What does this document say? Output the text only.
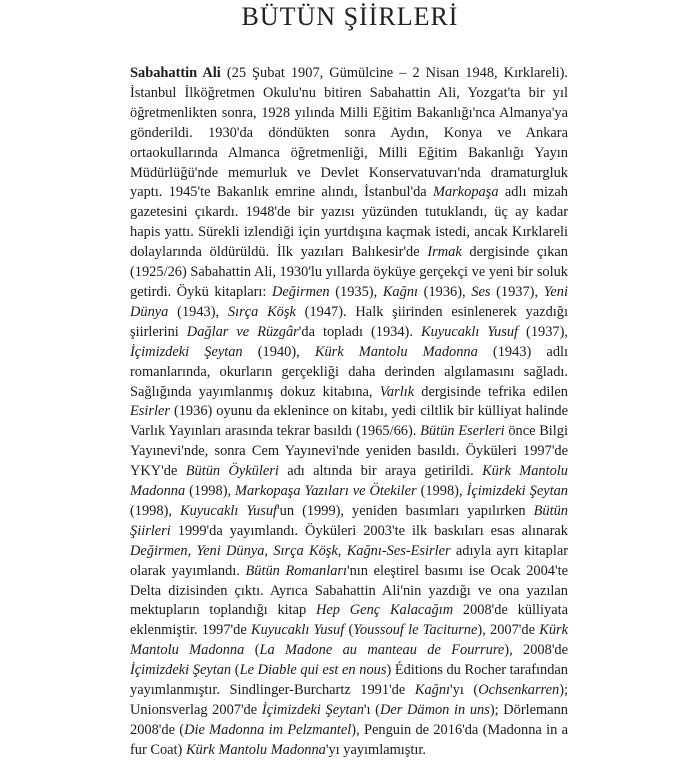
BÜTÜN ŞİİRLERİ
Sabahattin Ali (25 Şubat 1907, Gümülcine – 2 Nisan 1948, Kırklareli). İstanbul İlköğretmen Okulu'nu bitiren Sabahattin Ali, Yozgat'ta bir yıl öğretmenlikten sonra, 1928 yılında Milli Eğitim Bakanlığı'nca Almanya'ya gönderildi. 1930'da döndükten sonra Aydın, Konya ve Ankara ortaokullarında Almanca öğretmenliği, Milli Eğitim Bakanlığı Yayın Müdürlüğü'nde memurluk ve Devlet Konservatuvarı'nda dramaturgluk yaptı. 1945'te Bakanlık emrine alındı, İstanbul'da Markopaşa adlı mizah gazetesini çıkardı. 1948'de bir yazısı yüzünden tutuklandı, üç ay kadar hapis yattı. Sürekli izlendiği için yurtdışına kaçmak istedi, ancak Kırklareli dolaylarında öldürüldü. İlk yazıları Balıkesir'de Irmak dergisinde çıkan (1925/26) Sabahattin Ali, 1930'lu yıllarda öyküye gerçekçi ve yeni bir soluk getirdi. Öykü kitapları: Değirmen (1935), Kağnı (1936), Ses (1937), Yeni Dünya (1943), Sırça Köşk (1947). Halk şiirinden esinlenerek yazdığı şiirlerini Dağlar ve Rüzgâr'da topladı (1934). Kuyucaklı Yusuf (1937), İçimizdeki Şeytan (1940), Kürk Mantolu Madonna (1943) adlı romanlarında, okurların gerçekliği daha derinden algılamasını sağladı. Sağlığında yayımlanmış dokuz kitabına, Varlık dergisinde tefrika edilen Esirler (1936) oyunu da eklenince on kitabı, yedi ciltlik bir külliyat halinde Varlık Yayınları arasında tekrar basıldı (1965/66). Bütün Eserleri önce Bilgi Yayınevi'nde, sonra Cem Yayınevi'nde yeniden basıldı. Öyküleri 1997'de YKY'de Bütün Öyküleri adı altında bir araya getirildi. Kürk Mantolu Madonna (1998), Markopaşa Yazıları ve Ötekiler (1998), İçimizdeki Şeytan (1998), Kuyucaklı Yusuf'un (1999), yeniden basımları yapılırken Bütün Şiirleri 1999'da yayımlandı. Öyküleri 2003'te ilk baskıları esas alınarak Değirmen, Yeni Dünya, Sırça Köşk, Kağnı-Ses-Esirler adıyla ayrı kitaplar olarak yayımlandı. Bütün Romanları'nın eleştirel basımı ise Ocak 2004'te Delta dizisinden çıktı. Ayrıca Sabahattin Ali'nin yazdığı ve ona yazılan mektupların toplandığı kitap Hep Genç Kalacağım 2008'de külliyata eklenmiştir. 1997'de Kuyucaklı Yusuf (Youssouf le Taciturne), 2007'de Kürk Mantolu Madonna (La Madone au manteau de Fourrure), 2008'de İçimizdeki Şeytan (Le Diable qui est en nous) Éditions du Rocher tarafından yayımlanmıştır. Sindlinger-Burchartz 1991'de Kağnı'yı (Ochsenkarren); Unionsverlag 2007'de İçimizdeki Şeytan'ı (Der Dämon in uns); Dörlemann 2008'de (Die Madonna im Pelzmantel), Penguin de 2016'da (Madonna in a fur Coat) Kürk Mantolu Madonna'yı yayımlamıştır.
